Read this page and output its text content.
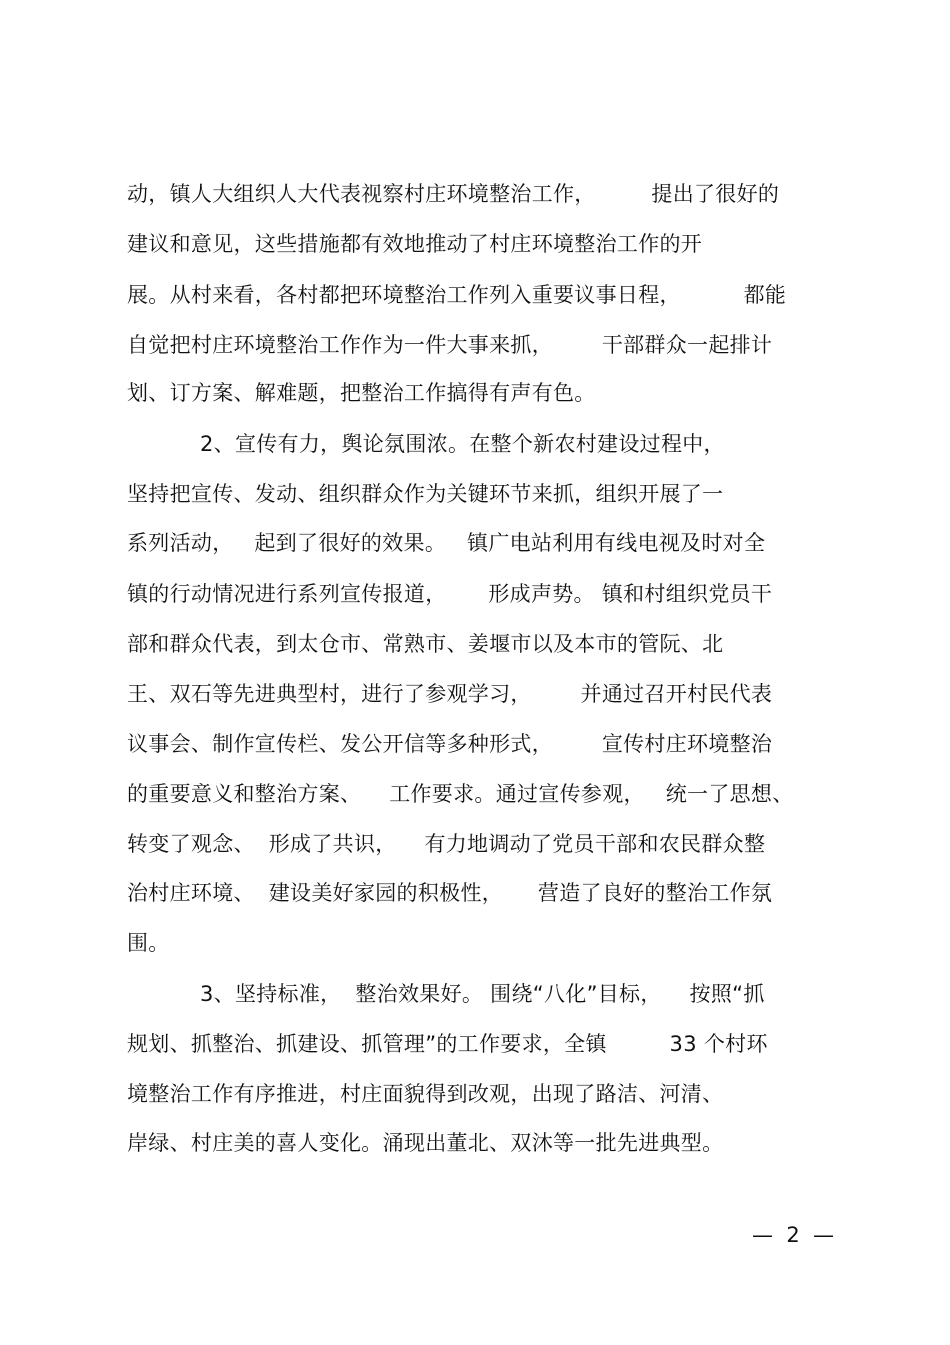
动，镇人大组织人大代表视察村庄环境整治工作，        提出了很好的
建议和意见，这些措施都有效地推动了村庄环境整治工作的开
展。从村来看，各村都把环境整治工作列入重要议事日程，         都能
自觉把村庄环境整治工作作为一件大事来抓，       干部群众一起排计
划、订方案、解难题，把整治工作搞得有声有色。
2、宣传有力，舆论氛围浓。在整个新农村建设过程中，
坚持把宣传、发动、组织群众作为关键环节来抓，组织开展了一
系列活动，   起到了很好的效果。   镇广电站利用有线电视及时对全
镇的行动情况进行系列宣传报道，      形成声势。 镇和村组织党员干
部和群众代表，到太仓市、常熟市、姜堰市以及本市的管阮、北
王、双石等先进典型村，进行了参观学习，       并通过召开村民代表
议事会、制作宣传栏、发公开信等多种形式，       宣传村庄环境整治
的重要意义和整治方案、    工作要求。通过宣传参观，   统一了思想、
转变了观念、  形成了共识，    有力地调动了党员干部和农民群众整
治村庄环境、  建设美好家园的积极性，     营造了良好的整治工作氛
围。
3、坚持标准，  整治效果好。 围绕“八化”目标，    按照“抓
规划、抓整治、抓建设、抓管理”的工作要求，全镇         33 个村环
境整治工作有序推进，村庄面貌得到改观，出现了路洁、河清、
岸绿、村庄美的喜人变化。涌现出董北、双沐等一批先进典型。
—  2  —
